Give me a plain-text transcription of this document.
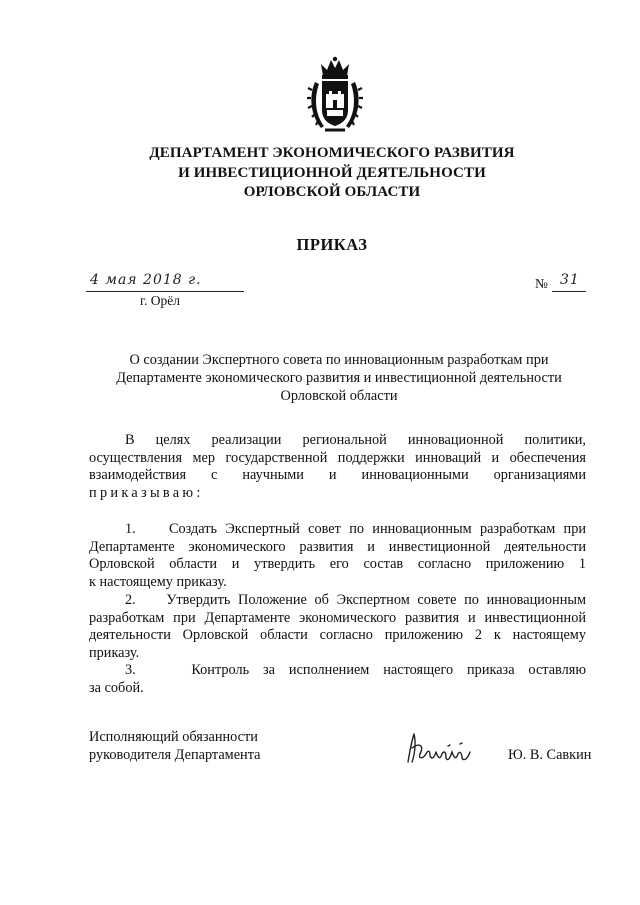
ДЕПАРТАМЕНТ ЭКОНОМИЧЕСКОГО РАЗВИТИЯ
И ИНВЕСТИЦИОННОЙ ДЕЯТЕЛЬНОСТИ
ОРЛОВСКОЙ ОБЛАСТИ
ПРИКАЗ
4 мая 2018 г.
г. Орёл
№ 31
О создании Экспертного совета по инновационным разработкам при
Департаменте экономического развития и инвестиционной деятельности
Орловской области
В целях реализации региональной инновационной политики,
осуществления мер государственной поддержки инноваций и обеспечения
взаимодействия с научными и инновационными организациями
приказываю:
1. Создать Экспертный совет по инновационным разработкам при
Департаменте экономического развития и инвестиционной деятельности
Орловской области и утвердить его состав согласно приложению 1
к настоящему приказу.
2. Утвердить Положение об Экспертном совете по инновационным
разработкам при Департаменте экономического развития и инвестиционной
деятельности Орловской области согласно приложению 2 к настоящему
приказу.
3.	Контроль за исполнением настоящего приказа оставляю
за собой.
Исполняющий обязанности
руководителя Департамента	Ю. В. Савкин
